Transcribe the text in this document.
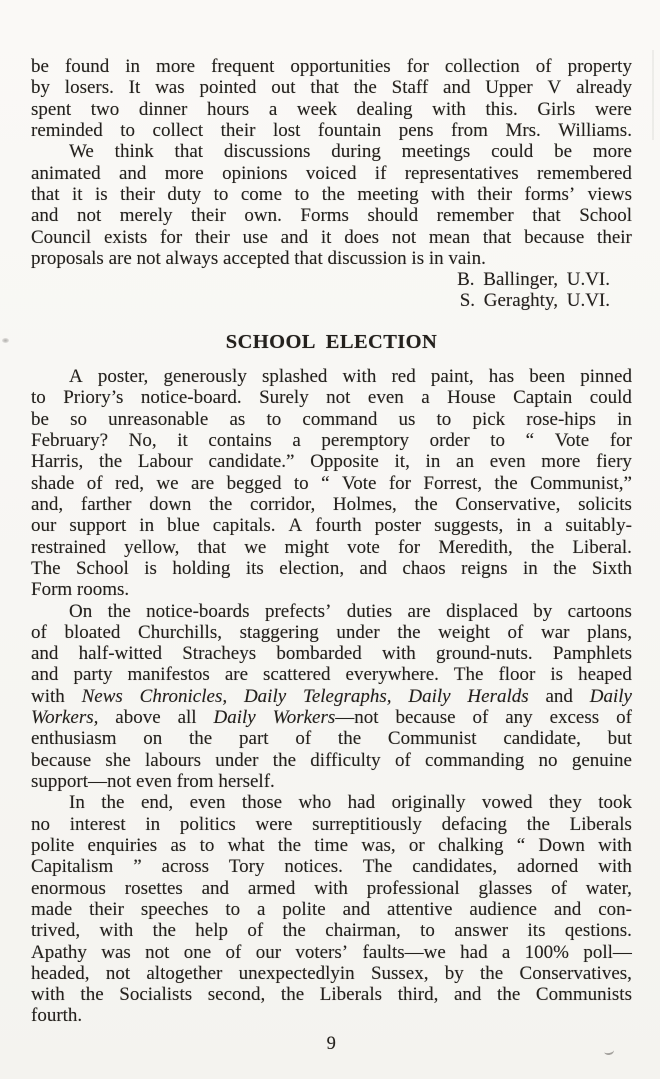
be found in more frequent opportunities for collection of property
by losers. It was pointed out that the Staff and Upper V already
spent two dinner hours a week dealing with this. Girls were
reminded to collect their lost fountain pens from Mrs. Williams.
We think that discussions during meetings could be more
animated and more opinions voiced if representatives remembered
that it is their duty to come to the meeting with their forms’ views
and not merely their own. Forms should remember that School
Council exists for their use and it does not mean that because their
proposals are not always accepted that discussion is in vain.
B. Ballinger, U.VI.
S. Geraghty, U.VI.
SCHOOL  ELECTION
A poster, generously splashed with red paint, has been pinned
to Priory’s notice-board. Surely not even a House Captain could
be so unreasonable as to command us to pick rose-hips in
February? No, it contains a peremptory order to “ Vote for
Harris, the Labour candidate.” Opposite it, in an even more fiery
shade of red, we are begged to “ Vote for Forrest, the Communist,”
and, farther down the corridor, Holmes, the Conservative, solicits
our support in blue capitals. A fourth poster suggests, in a suitably-
restrained yellow, that we might vote for Meredith, the Liberal.
The School is holding its election, and chaos reigns in the Sixth
Form rooms.
On the notice-boards prefects’ duties are displaced by cartoons
of bloated Churchills, staggering under the weight of war plans,
and half-witted Stracheys bombarded with ground-nuts. Pamphlets
and party manifestos are scattered everywhere. The floor is heaped
with News Chronicles, Daily Telegraphs, Daily Heralds and Daily
Workers, above all Daily Workers—not because of any excess of
enthusiasm on the part of the Communist candidate, but
because she labours under the difficulty of commanding no genuine
support—not even from herself.
In the end, even those who had originally vowed they took
no interest in politics were surreptitiously defacing the Liberals
polite enquiries as to what the time was, or chalking “ Down with
Capitalism ” across Tory notices. The candidates, adorned with
enormous rosettes and armed with professional glasses of water,
made their speeches to a polite and attentive audience and con-
trived, with the help of the chairman, to answer its qestions.
Apathy was not one of our voters’ faults—we had a 100% poll—
headed, not altogether unexpectedlyin Sussex, by the Conservatives,
with the Socialists second, the Liberals third, and the Communists
fourth.
9
